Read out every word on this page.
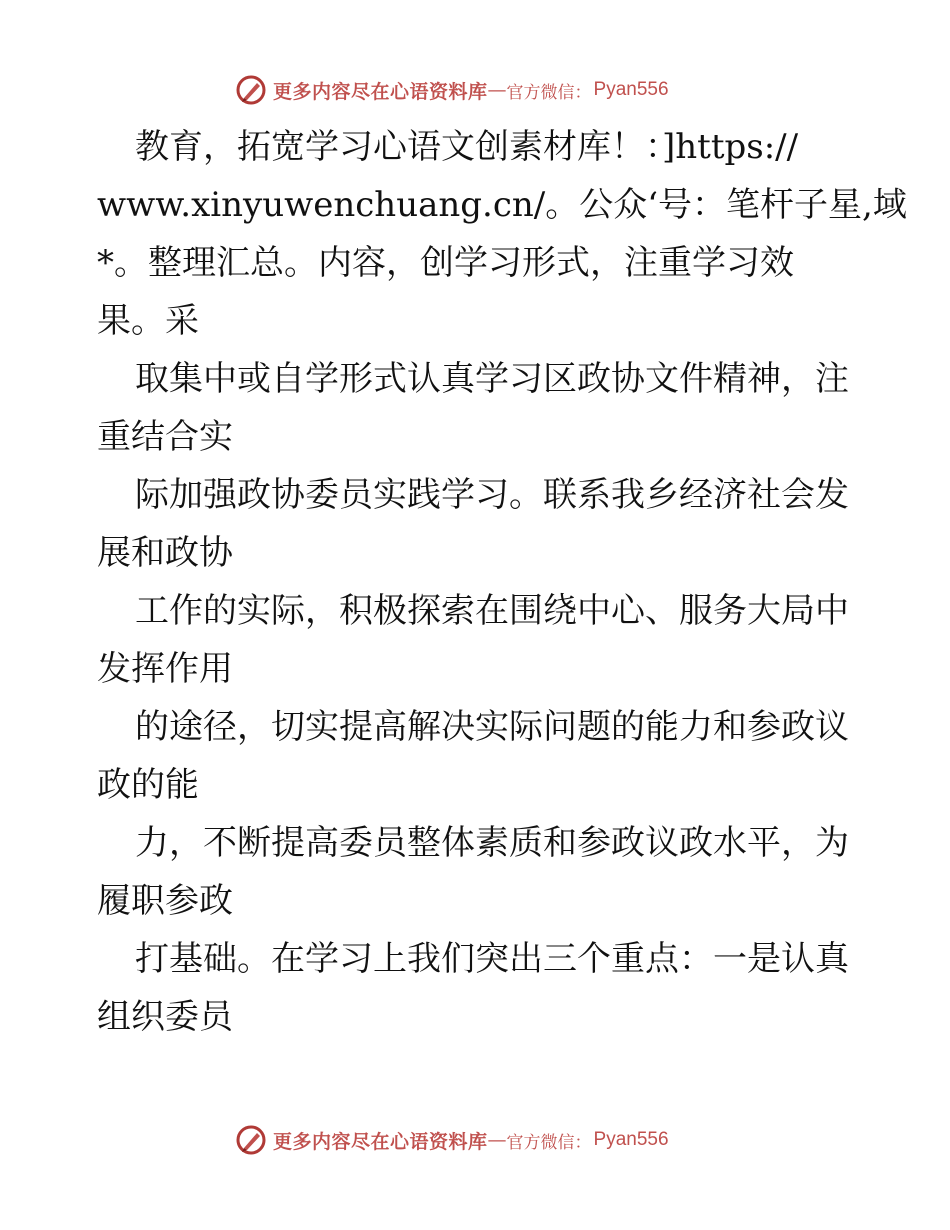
更多内容尽在心语资料库 — 官方微信： Pyan556
教育，拓宽学习心语文创素材库！：]https://
www.xinyuwenchuang.cn/。公众‘号：笔杆子星,域
*。整理汇总。内容，创学习形式，注重学习效
果。采
取集中或自学形式认真学习区政协文件精神，注
重结合实
际加强政协委员实践学习。联系我乡经济社会发
展和政协
工作的实际，积极探索在围绕中心、服务大局中
发挥作用
的途径，切实提高解决实际问题的能力和参政议
政的能
力，不断提高委员整体素质和参政议政水平，为
履职参政
打基础。在学习上我们突出三个重点：一是认真
组织委员
更多内容尽在心语资料库 — 官方微信： Pyan556
